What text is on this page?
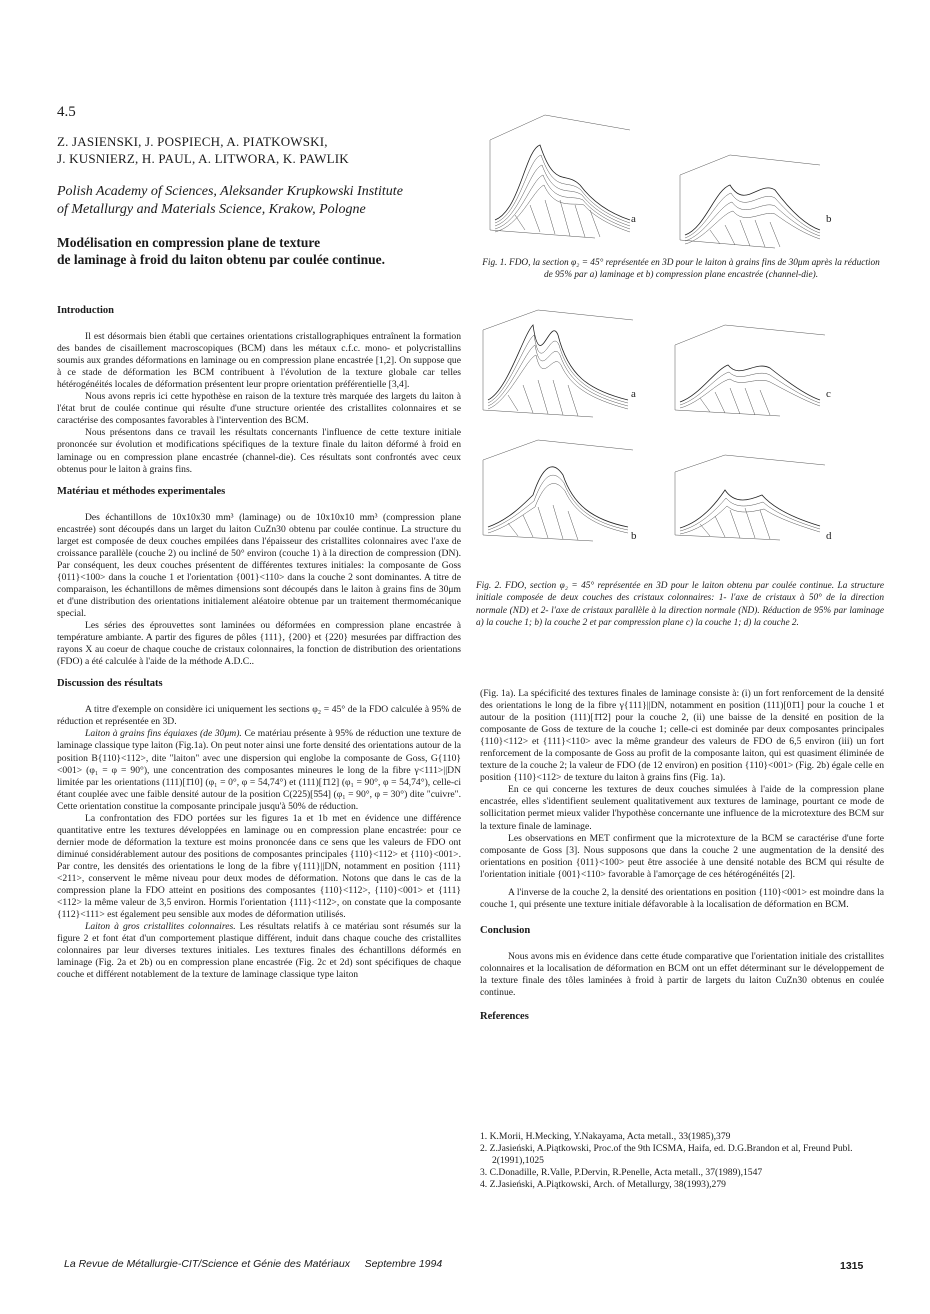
4.5
Z. JASIENSKI, J. POSPIECH, A. PIATKOWSKI,
J. KUSNIERZ, H. PAUL, A. LITWORA, K. PAWLIK
Polish Academy of Sciences, Aleksander Krupkowski Institute
of Metallurgy and Materials Science, Krakow, Pologne
Modélisation en compression plane de texture
de laminage à froid du laiton obtenu par coulée continue.
Introduction

Il est désormais bien établi que certaines orientations cristallographiques entraînent la formation des bandes de cisaillement macroscopiques (BCM) dans les métaux c.f.c. mono- et polycristallins soumis aux grandes déformations en laminage ou en compression plane encastrée [1,2]. On suppose que à ce stade de déformation les BCM contribuent à l'évolution de la texture globale car telles hétérogénéités locales de déformation présentent leur propre orientation préférentielle [3,4].

Nous avons repris ici cette hypothèse en raison de la texture très marquée des largets du laiton à l'état brut de coulée continue qui résulte d'une structure orientée des cristallites colonnaires et se caractérise des composantes favorables à l'intervention des BCM.

Nous présentons dans ce travail les résultats concernants l'influence de cette texture initiale prononcée sur évolution et modifications spécifiques de la texture finale du laiton déformé à froid en laminage ou en compression plane encastrée (channel-die). Ces résultats sont confrontés avec ceux obtenus pour le laiton à grains fins.

Matériau et méthodes experimentales

Des échantillons de 10x10x30 mm³ (laminage) ou de 10x10x10 mm³ (compression plane encastrée) sont découpés dans un larget du laiton CuZn30 obtenu par coulée continue. La structure du larget est composée de deux couches empilées dans l'épaisseur des cristallites colonnaires avec l'axe de croissance parallèle (couche 2) ou incliné de 50° environ (couche 1) à la direction de compression (DN). Par conséquent, les deux couches présentent de différentes textures initiales: la composante de Goss {011}<100> dans la couche 1 et l'orientation {001}<110> dans la couche 2 sont dominantes. A titre de comparaison, les échantillons de mêmes dimensions sont découpés dans le laiton à grains fins de 30μm et d'une distribution des orientations initialement aléatoire obtenue par un traitement thermomécanique special.

Les séries des éprouvettes sont laminées ou déformées en compression plane encastrée à température ambiante. A partir des figures de pôles {111}, {200} et {220} mesurées par diffraction des rayons X au coeur de chaque couche de cristaux colonnaires, la fonction de distribution des orientations (FDO) a été calculée à l'aide de la méthode A.D.C..

Discussion des résultats

A titre d'exemple on considère ici uniquement les sections φ₂ = 45° de la FDO calculée à 95% de réduction et représentée en 3D.

Laiton à grains fins équiaxes (de 30μm). Ce matériau présente à 95% de réduction une texture de laminage classique type laiton (Fig.1a). On peut noter ainsi une forte densité des orientations autour de la position B{110}<112>, dite "laiton" avec une dispersion qui englobe la composante de Goss, G{110}<001> (φ₁ = φ = 90°), une concentration des composantes mineures le long de la fibre γ<111>||DN limitée par les orientations (111)[1̄10] (φ₁ = 0°, φ = 54,74°) et (111)[1̄12] (φ₁ = 90°, φ = 54,74°), celle-ci étant couplée avec une faible densité autour de la position C(225)[5̄54] (φ₁ = 90°, φ = 30°) dite "cuivre". Cette orientation constitue la composante principale jusqu'à 50% de réduction.

La confrontation des FDO portées sur les figures 1a et 1b met en évidence une différence quantitative entre les textures développées en laminage ou en compression plane encastrée: pour ce dernier mode de déformation la texture est moins prononcée dans ce sens que les valeurs de FDO ont diminué considérablement autour des positions de composantes principales {110}<112> et {110}<001>. Par contre, les densités des orientations le long de la fibre γ{111}||DN, notamment en position {111}<211>, conservent le même niveau pour deux modes de déformation. Notons que dans le cas de la compression plane la FDO atteint en positions des composantes {110}<112>, {110}<001> et {111}<112> la même valeur de 3,5 environ. Hormis l'orientation {111}<112>, on constate que la composante {112}<111> est également peu sensible aux modes de déformation utilisés.

Laiton à gros cristallites colonnaires. Les résultats relatifs à ce matériau sont résumés sur la figure 2 et font état d'un comportement plastique différent, induit dans chaque couche des cristallites colonnaires par leur diverses textures initiales. Les textures finales des échantillons déformés en laminage (Fig. 2a et 2b) ou en compression plane encastrée (Fig. 2c et 2d) sont spécifiques de chaque couche et différent notablement de la texture de laminage classique type laiton

a	b
Fig. 1. FDO, la section φ₂ = 45° représentée en 3D pour le laiton à grains fins de 30μm après la réduction de 95% par a) laminage et b) compression plane encastrée (channel-die).
a	c
b	d
Fig. 2. FDO, section φ₂ = 45° représentée en 3D pour le laiton obtenu par coulée continue. La structure initiale composée de deux couches des cristaux colonnaires: 1- l'axe de cristaux à 50° de la direction normale (ND) et 2- l'axe de cristaux parallèle à la direction normale (ND). Réduction de 95% par laminage a) la couche 1; b) la couche 2 et par compression plane c) la couche 1; d) la couche 2.

(Fig. 1a). La spécificité des textures finales de laminage consiste à: (i) un fort renforcement de la densité des orientations le long de la fibre γ{111}||DN, notamment en position (111)[01̄1] pour la couche 1 et autour de la position (111)[1̄1̄2] pour la couche 2, (ii) une baisse de la densité en position de la composante de Goss de texture de la couche 1; celle-ci est dominée par deux composantes principales {110}<112> et {111}<110> avec la même grandeur des valeurs de FDO de 6,5 environ (iii) un fort renforcement de la composante de Goss au profit de la composante laiton, qui est quasiment éliminée de texture de la couche 2; la valeur de FDO (de 12 environ) en position {110}<001> (Fig. 2b) égale celle en position {110}<112> de texture du laiton à grains fins (Fig. 1a).

En ce qui concerne les textures de deux couches simulées à l'aide de la compression plane encastrée, elles s'identifient seulement qualitativement aux textures de laminage, pourtant ce mode de sollicitation permet mieux valider l'hypothèse concernante une influence de la microtexture des BCM sur la texture finale de laminage.

Les observations en MET confirment que la microtexture de la BCM se caractérise d'une forte composante de Goss [3]. Nous supposons que dans la couche 2 une augmentation de la densité des orientations en position {011}<100> peut être associée à une densité notable des BCM qui résulte de l'orientation initiale {001}<110> favorable à l'amorçage de ces hétérogénéités [2].

A l'inverse de la couche 2, la densité des orientations en position {110}<001> est moindre dans la couche 1, qui présente une texture initiale défavorable à la localisation de déformation en BCM.

Conclusion

Nous avons mis en évidence dans cette étude comparative que l'orientation initiale des cristallites colonnaires et la localisation de déformation en BCM ont un effet déterminant sur le développement de la texture finale des tôles laminées à froid à partir de largets du laiton CuZn30 obtenus en coulée continue.

References
1. K.Morii, H.Mecking, Y.Nakayama, Acta metall., 33(1985),379
2. Z.Jasieński, A.Piątkowski, Proc.of the 9th ICSMA, Haifa, ed. D.G.Brandon et al, Freund Publ. 2(1991),1025
3. C.Donadille, R.Valle, P.Dervin, R.Penelle, Acta metall., 37(1989),1547
4. Z.Jasieński, A.Piątkowski, Arch. of Metallurgy, 38(1993),279
La Revue de Métallurgie-CIT/Science et Génie des Matériaux     Septembre 1994	1315
